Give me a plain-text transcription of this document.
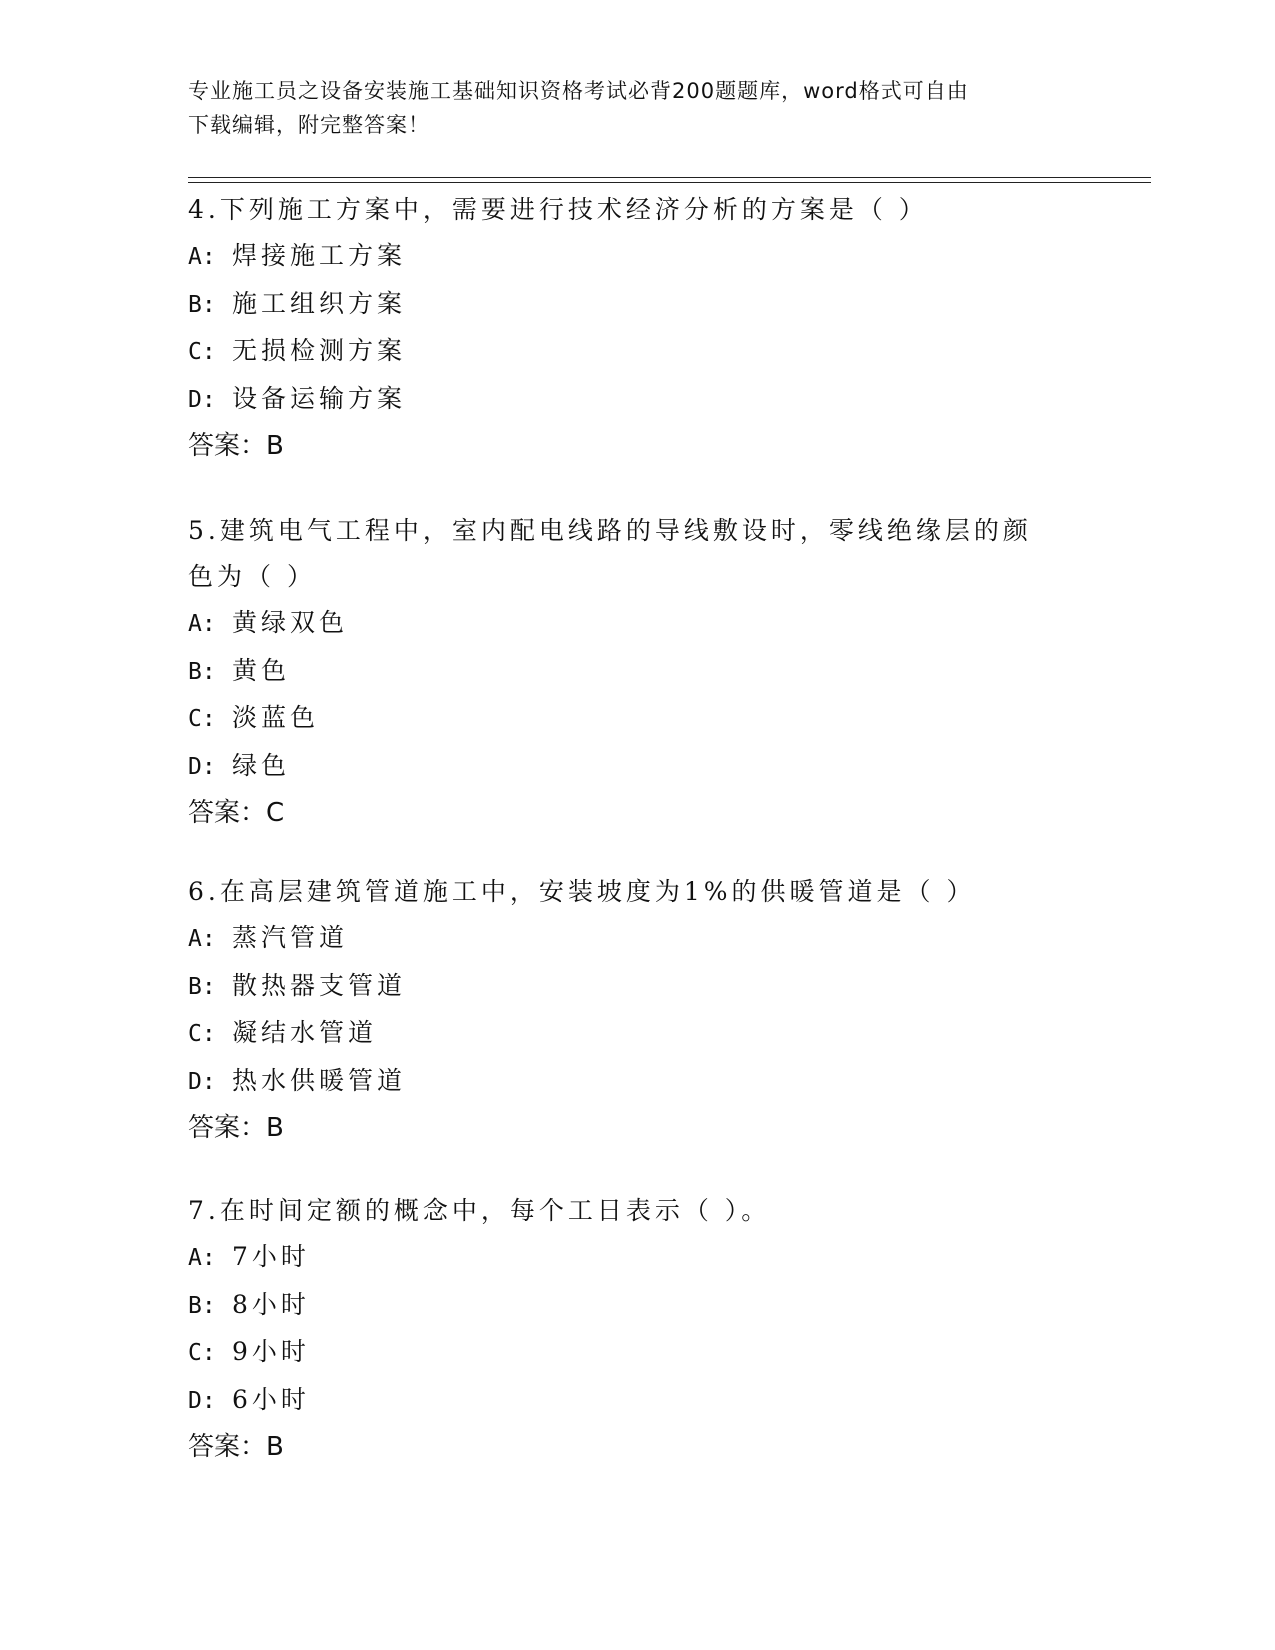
专业施工员之设备安装施工基础知识资格考试必背200题题库，word格式可自由
下载编辑，附完整答案！

4.下列施工方案中，需要进行技术经济分析的方案是（ ）

A: 焊接施工方案

B: 施工组织方案

C: 无损检测方案

D: 设备运输方案

答案：B

5.建筑电气工程中，室内配电线路的导线敷设时，零线绝缘层的颜色为（ ）

A: 黄绿双色

B: 黄色

C: 淡蓝色

D: 绿色

答案：C

6.在高层建筑管道施工中，安装坡度为1%的供暖管道是（ ）

A: 蒸汽管道

B: 散热器支管道

C: 凝结水管道

D: 热水供暖管道

答案：B

7.在时间定额的概念中，每个工日表示（ ）。

A: 7小时

B: 8小时

C: 9小时

D: 6小时

答案：B
